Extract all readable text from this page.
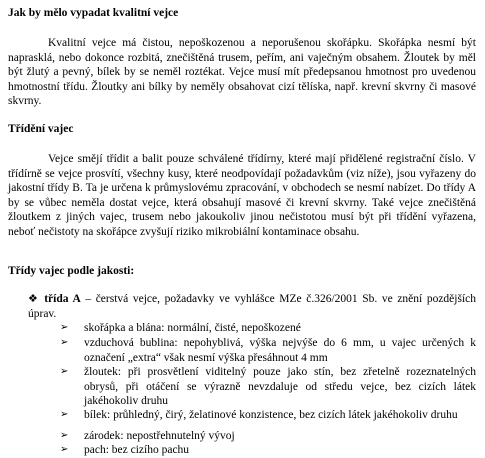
Jak by mělo vypadat kvalitní vejce

Kvalitní vejce má čistou, nepoškozenou a neporušenou skořápku. Skořápka nesmí být naprasklá, nebo dokonce rozbitá, znečištěná trusem, peřím, ani vaječným obsahem. Žloutek by měl být žlutý a pevný, bílek by se neměl roztékat. Vejce musí mít předepsanou hmotnost pro uvedenou hmotnostní třídu. Žloutky ani bílky by neměly obsahovat cizí tělíska, např. krevní skvrny či masové skvrny.

Třídění vajec

Vejce smějí třídit a balit pouze schválené třídírny, které mají přidělené registrační číslo. V třídírně se vejce prosvítí, všechny kusy, které neodpovídají požadavkům (viz níže), jsou vyřazeny do jakostní třídy B. Ta je určena k průmyslovému zpracování, v obchodech se nesmí nabízet. Do třídy A by se vůbec neměla dostat vejce, která obsahují masové či krevní skvrny. Také vejce znečištěná žloutkem z jiných vajec, trusem nebo jakoukoliv jinou nečistotou musí být při třídění vyřazena, neboť nečistoty na skořápce zvyšují riziko mikrobiální kontaminace obsahu.

Třídy vajec podle jakosti:

❖ třída A – čerstvá vejce, požadavky ve vyhlášce MZe č.326/2001 Sb. ve znění pozdějších úprav.

➢ skořápka a blána: normální, čisté, nepoškozené
➢ vzduchová bublina: nepohyblivá, výška nejvýše do 6 mm, u vajec určených k označení „extra“ však nesmí výška přesáhnout 4 mm
➢ žloutek: při prosvětlení viditelný pouze jako stín, bez zřetelně rozeznatelných obrysů, při otáčení se výrazně nevzdaluje od středu vejce, bez cizích látek jakéhokoliv druhu
➢ bílek: průhledný, čirý, želatinové konzistence, bez cizích látek jakéhokoliv druhu
➢ zárodek: nepostřehnutelný vývoj
➢ pach: bez cizího pachu
